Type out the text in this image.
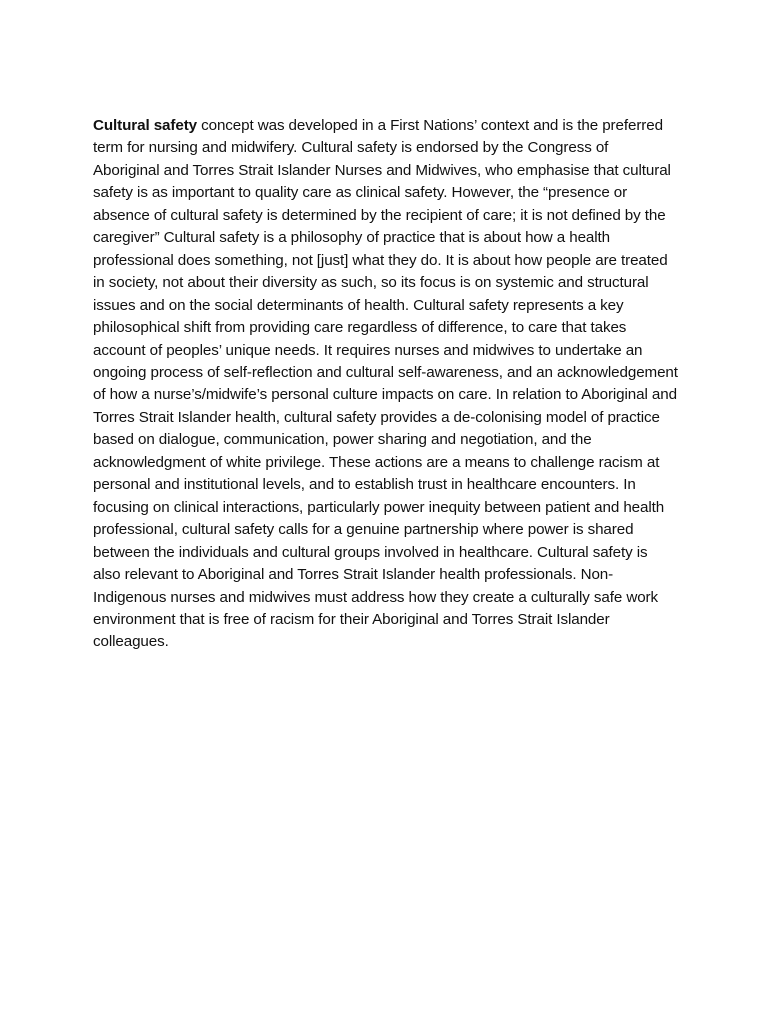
Cultural safety concept was developed in a First Nations’ context and is the preferred term for nursing and midwifery. Cultural safety is endorsed by the Congress of Aboriginal and Torres Strait Islander Nurses and Midwives, who emphasise that cultural safety is as important to quality care as clinical safety. However, the “presence or absence of cultural safety is determined by the recipient of care; it is not defined by the caregiver” Cultural safety is a philosophy of practice that is about how a health professional does something, not [just] what they do. It is about how people are treated in society, not about their diversity as such, so its focus is on systemic and structural issues and on the social determinants of health. Cultural safety represents a key philosophical shift from providing care regardless of difference, to care that takes account of peoples’ unique needs. It requires nurses and midwives to undertake an ongoing process of self-reflection and cultural self-awareness, and an acknowledgement of how a nurse’s/midwife’s personal culture impacts on care. In relation to Aboriginal and Torres Strait Islander health, cultural safety provides a de-colonising model of practice based on dialogue, communication, power sharing and negotiation, and the acknowledgment of white privilege. These actions are a means to challenge racism at personal and institutional levels, and to establish trust in healthcare encounters. In focusing on clinical interactions, particularly power inequity between patient and health professional, cultural safety calls for a genuine partnership where power is shared between the individuals and cultural groups involved in healthcare. Cultural safety is also relevant to Aboriginal and Torres Strait Islander health professionals. Non- Indigenous nurses and midwives must address how they create a culturally safe work environment that is free of racism for their Aboriginal and Torres Strait Islander colleagues.
